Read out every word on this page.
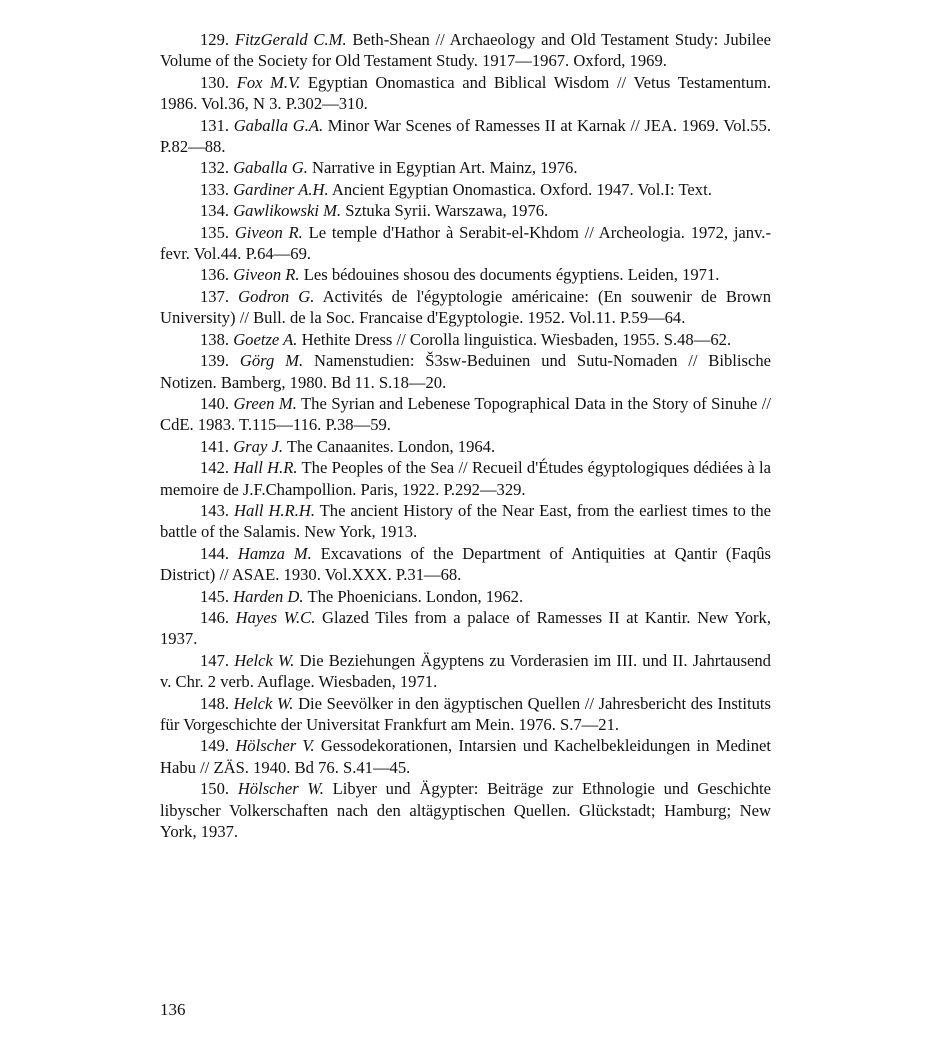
129. FitzGerald C.M. Beth-Shean // Archaeology and Old Testament Study: Jubilee Volume of the Society for Old Testament Study. 1917—1967. Oxford, 1969.

130. Fox M.V. Egyptian Onomastica and Biblical Wisdom // Vetus Testamentum. 1986. Vol.36, N 3. P.302—310.

131. Gaballa G.A. Minor War Scenes of Ramesses II at Karnak // JEA. 1969. Vol.55. P.82—88.

132. Gaballa G. Narrative in Egyptian Art. Mainz, 1976.

133. Gardiner A.H. Ancient Egyptian Onomastica. Oxford. 1947. Vol.I: Text.

134. Gawlikowski M. Sztuka Syrii. Warszawa, 1976.

135. Giveon R. Le temple d'Hathor à Serabit-el-Khdom // Archeologia. 1972, janv.-fevr. Vol.44. P.64—69.

136. Giveon R. Les bédouines shosou des documents égyptiens. Leiden, 1971.

137. Godron G. Activités de l'égyptologie américaine: (En souwenir de Brown University) // Bull. de la Soc. Francaise d'Egyptologie. 1952. Vol.11. P.59—64.

138. Goetze A. Hethite Dress // Corolla linguistica. Wiesbaden, 1955. S.48—62.

139. Görg M. Namenstudien: Š3sw-Beduinen und Sutu-Nomaden // Biblische Notizen. Bamberg, 1980. Bd 11. S.18—20.

140. Green M. The Syrian and Lebenese Topographical Data in the Story of Sinuhe // CdE. 1983. T.115—116. P.38—59.

141. Gray J. The Canaanites. London, 1964.

142. Hall H.R. The Peoples of the Sea // Recueil d'Études égyptologiques dédiées à la memoire de J.F.Champollion. Paris, 1922. P.292—329.

143. Hall H.R.H. The ancient History of the Near East, from the earliest times to the battle of the Salamis. New York, 1913.

144. Hamza M. Excavations of the Department of Antiquities at Qantir (Faqûs District) // ASAE. 1930. Vol.XXX. P.31—68.

145. Harden D. The Phoenicians. London, 1962.

146. Hayes W.C. Glazed Tiles from a palace of Ramesses II at Kantir. New York, 1937.

147. Helck W. Die Beziehungen Ägyptens zu Vorderasien im III. und II. Jahrtausend v. Chr. 2 verb. Auflage. Wiesbaden, 1971.

148. Helck W. Die Seevölker in den ägyptischen Quellen // Jahresbericht des Instituts für Vorgeschichte der Universitat Frankfurt am Mein. 1976. S.7—21.

149. Hölscher V. Gessodekorationen, Intarsien und Kachelbekleidungen in Medinet Habu // ZÄS. 1940. Bd 76. S.41—45.

150. Hölscher W. Libyer und Ägypter: Beiträge zur Ethnologie und Geschichte libyscher Volkerschaften nach den altägyptischen Quellen. Glückstadt; Hamburg; New York, 1937.

136
